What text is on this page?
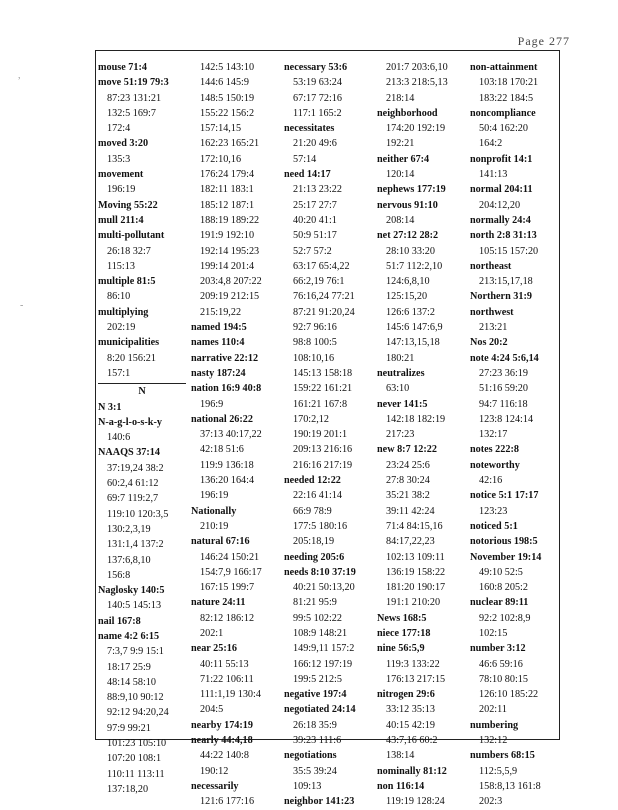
Page 277
,
-
mouse 71:4
move 51:19 79:3
87:23 131:21
132:5 169:7
172:4
moved 3:20
135:3
movement
196:19
Moving 55:22
mull 211:4
multi-pollutant
26:18 32:7
115:13
multiple 81:5
86:10
multiplying
202:19
municipalities
8:20 156:21
157:1
N
N 3:1
N-a-g-l-o-s-k-y
140:6
NAAQS 37:14
37:19,24 38:2
60:2,4 61:12
69:7 119:2,7
119:10 120:3,5
130:2,3,19
131:1,4 137:2
137:6,8,10
156:8
Naglosky 140:5
140:5 145:13
nail 167:8
name 4:2 6:15
7:3,7 9:9 15:1
18:17 25:9
48:14 58:10
88:9,10 90:12
92:12 94:20,24
97:9 99:21
101:23 105:10
107:20 108:1
110:11 113:11
137:18,20
142:5 143:10
144:6 145:9
148:5 150:19
155:22 156:2
157:14,15
162:23 165:21
172:10,16
176:24 179:4
182:11 183:1
185:12 187:1
188:19 189:22
191:9 192:10
192:14 195:23
199:14 201:4
203:4,8 207:22
209:19 212:15
215:19,22
named 194:5
names 110:4
narrative 22:12
nasty 187:24
nation 16:9 40:8
196:9
national 26:22
37:13 40:17,22
42:18 51:6
119:9 136:18
136:20 164:4
196:19
Nationally
210:19
natural 67:16
146:24 150:21
154:7,9 166:17
167:15 199:7
nature 24:11
82:12 186:12
202:1
near 25:16
40:11 55:13
71:22 106:11
111:1,19 130:4
204:5
nearby 174:19
nearly 44:4,18
44:22 140:8
190:12
necessarily
121:6 177:16
necessary 53:6
53:19 63:24
67:17 72:16
117:1 165:2
necessitates
21:20 49:6
57:14
need 14:17
21:13 23:22
25:17 27:7
40:20 41:1
50:9 51:17
52:7 57:2
63:17 65:4,22
66:2,19 76:1
76:16,24 77:21
87:21 91:20,24
92:7 96:16
98:8 100:5
108:10,16
145:13 158:18
159:22 161:21
161:21 167:8
170:2,12
190:19 201:1
209:13 216:16
216:16 217:19
needed 12:22
22:16 41:14
66:9 78:9
177:5 180:16
205:18,19
needing 205:6
needs 8:10 37:19
40:21 50:13,20
81:21 95:9
99:5 102:22
108:9 148:21
149:9,11 157:2
166:12 197:19
199:5 212:5
negative 197:4
negotiated 24:14
26:18 35:9
39:23 111:6
negotiations
35:5 39:24
109:13
neighbor 141:23
201:7 203:6,10
213:3 218:5,13
218:14
neighborhood
174:20 192:19
192:21
neither 67:4
120:14
nephews 177:19
nervous 91:10
208:14
net 27:12 28:2
28:10 33:20
51:7 112:2,10
124:6,8,10
125:15,20
126:6 137:2
145:6 147:6,9
147:13,15,18
180:21
neutralizes
63:10
never 141:5
142:18 182:19
217:23
new 8:7 12:22
23:24 25:6
27:8 30:24
35:21 38:2
39:11 42:24
71:4 84:15,16
84:17,22,23
102:13 109:11
136:19 158:22
181:20 190:17
191:1 210:20
News 168:5
niece 177:18
nine 56:5,9
119:3 133:22
176:13 217:15
nitrogen 29:6
33:12 35:13
40:15 42:19
43:7,16 60:2
138:14
nominally 81:12
non 116:14
119:19 128:24
non-attainment
103:18 170:21
183:22 184:5
noncompliance
50:4 162:20
164:2
nonprofit 14:1
141:13
normal 204:11
204:12,20
normally 24:4
north 2:8 31:13
105:15 157:20
northeast
213:15,17,18
Northern 31:9
northwest
213:21
Nos 20:2
note 4:24 5:6,14
27:23 36:19
51:16 59:20
94:7 116:18
123:8 124:14
132:17
notes 222:8
noteworthy
42:16
notice 5:1 17:17
123:23
noticed 5:1
notorious 198:5
November 19:14
49:10 52:5
160:8 205:2
nuclear 89:11
92:2 102:8,9
102:15
number 3:12
46:6 59:16
78:10 80:15
126:10 185:22
202:11
numbering
132:12
numbers 68:15
112:5,5,9
158:8,13 161:8
202:3
